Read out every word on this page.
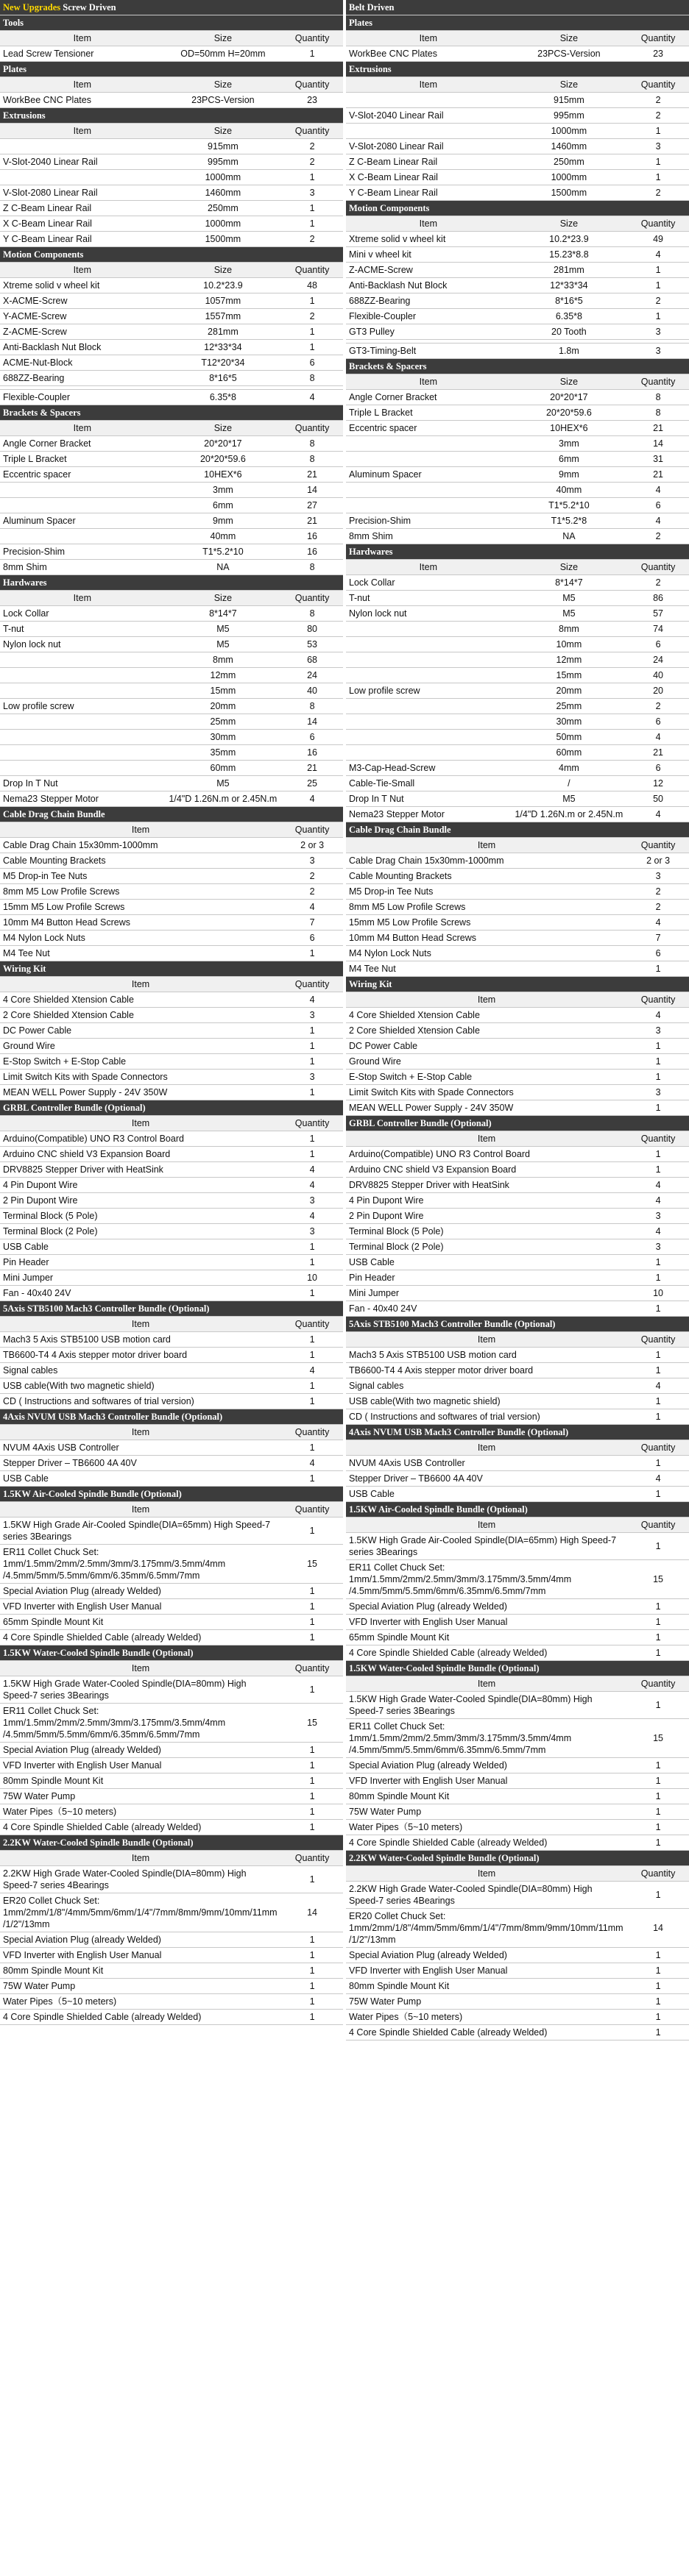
New Upgrades Screw Driven		
Tools		
Item	Size	Quantity
Lead Screw Tensioner	OD=50mm H=20mm	1
Plates		
Item	Size	Quantity
WorkBee CNC Plates	23PCS-Version	23
Extrusions		
Item	Size	Quantity
	915mm	2
V-Slot-2040 Linear Rail	995mm	2
	1000mm	1
V-Slot-2080 Linear Rail	1460mm	3
Z C-Beam Linear Rail	250mm	1
X C-Beam Linear Rail	1000mm	1
Y C-Beam Linear Rail	1500mm	2
Motion Components		
Item	Size	Quantity
Xtreme solid v wheel kit	10.2*23.9	48
X-ACME-Screw	1057mm	1
Y-ACME-Screw	1557mm	2
Z-ACME-Screw	281mm	1
Anti-Backlash Nut Block	12*33*34	1
ACME-Nut-Block	T12*20*34	6
688ZZ-Bearing	8*16*5	8

Flexible-Coupler	6.35*8	4
Brackets & Spacers		
Item	Size	Quantity
Angle Corner Bracket	20*20*17	8
Triple L Bracket	20*20*59.6	8
Eccentric spacer	10HEX*6	21
	3mm	14
	6mm	27
Aluminum Spacer	9mm	21
	40mm	16
Precision-Shim	T1*5.2*10	16
8mm Shim	NA	8
Hardwares		
Item	Size	Quantity
Lock Collar	8*14*7	8
T-nut	M5	80
Nylon lock nut	M5	53
	8mm	68
	12mm	24
	15mm	40
Low profile screw	20mm	8
	25mm	14
	30mm	6
	35mm	16
	60mm	21
Drop In T Nut	M5	25
Nema23 Stepper Motor	1/4"D 1.26N.m or 2.45N.m	4
Cable Drag Chain Bundle	
Item	Quantity
Cable Drag Chain 15x30mm-1000mm	2 or 3
Cable Mounting Brackets	3
M5 Drop-in Tee Nuts	2
8mm M5 Low Profile Screws	2
15mm M5 Low Profile Screws	4
10mm M4 Button Head Screws	7
M4 Nylon Lock Nuts	6
M4 Tee Nut	1
Wiring Kit	
Item	Quantity
4 Core Shielded Xtension Cable	4
2 Core Shielded Xtension Cable	3
DC Power Cable	1
Ground Wire	1
E-Stop Switch + E-Stop Cable	1
Limit Switch Kits with Spade Connectors	3
MEAN WELL Power Supply - 24V 350W	1
GRBL Controller Bundle (Optional)	
Item	Quantity
Arduino(Compatible) UNO R3 Control Board	1
Arduino CNC shield V3 Expansion Board	1
DRV8825 Stepper Driver with HeatSink	4
4 Pin Dupont Wire	4
2 Pin Dupont Wire	3
Terminal Block (5 Pole)	4
Terminal Block (2 Pole)	3
USB Cable	1
Pin Header	1
Mini Jumper	10
Fan - 40x40 24V	1
5Axis STB5100 Mach3 Controller Bundle (Optional)	
Item	Quantity
Mach3 5 Axis STB5100 USB motion card	1
TB6600-T4 4 Axis stepper motor driver board	1
Signal cables	4
USB cable(With two magnetic shield)	1
CD ( Instructions and softwares of trial version)	1
4Axis NVUM USB Mach3 Controller Bundle (Optional)	
Item	Quantity
NVUM 4Axis USB Controller	1
Stepper Driver – TB6600 4A 40V	4
USB Cable	1
1.5KW Air-Cooled Spindle Bundle (Optional)	
Item	Quantity
1.5KW High Grade Air-Cooled Spindle(DIA=65mm) High Speed-7 series 3Bearings	1
ER11 Collet Chuck Set: 1mm/1.5mm/2mm/2.5mm/3mm/3.175mm/3.5mm/4mm /4.5mm/5mm/5.5mm/6mm/6.35mm/6.5mm/7mm	15
Special Aviation Plug (already Welded)	1
VFD Inverter with English User Manual	1
65mm Spindle Mount Kit	1
4 Core Spindle Shielded Cable (already Welded)	1
1.5KW Water-Cooled Spindle Bundle (Optional)	
Item	Quantity
1.5KW High Grade Water-Cooled Spindle(DIA=80mm) High Speed-7 series 3Bearings	1
ER11 Collet Chuck Set: 1mm/1.5mm/2mm/2.5mm/3mm/3.175mm/3.5mm/4mm /4.5mm/5mm/5.5mm/6mm/6.35mm/6.5mm/7mm	15
Special Aviation Plug (already Welded)	1
VFD Inverter with English User Manual	1
80mm Spindle Mount Kit	1
75W Water Pump	1
Water Pipes（5~10 meters)	1
4 Core Spindle Shielded Cable (already Welded)	1
2.2KW Water-Cooled Spindle Bundle (Optional)	
Item	Quantity
2.2KW High Grade Water-Cooled Spindle(DIA=80mm) High Speed-7 series 4Bearings	1
ER20 Collet Chuck Set: 1mm/2mm/1/8"/4mm/5mm/6mm/1/4"/7mm/8mm/9mm/10mm/11mm/1/2"/13mm	14
Special Aviation Plug (already Welded)	1
VFD Inverter with English User Manual	1
80mm Spindle Mount Kit	1
75W Water Pump	1
Water Pipes（5~10 meters)	1
4 Core Spindle Shielded Cable (already Welded)	1
Belt Driven
Plates		
Item	Size	Quantity
WorkBee CNC Plates	23PCS-Version	23
Extrusions		
Item	Size	Quantity
	915mm	2
V-Slot-2040 Linear Rail	995mm	2
	1000mm	1
V-Slot-2080 Linear Rail	1460mm	3
Z C-Beam Linear Rail	250mm	1
X C-Beam Linear Rail	1000mm	1
Y C-Beam Linear Rail	1500mm	2
Motion Components		
Item	Size	Quantity
Xtreme solid v wheel kit	10.2*23.9	49
Mini v wheel kit	15.23*8.8	4
Z-ACME-Screw	281mm	1
Anti-Backlash Nut Block	12*33*34	1
688ZZ-Bearing	8*16*5	2
Flexible-Coupler	6.35*8	1
GT3 Pulley	20 Tooth	3

GT3-Timing-Belt	1.8m	3
Brackets & Spacers		
Item	Size	Quantity
Angle Corner Bracket	20*20*17	8
Triple L Bracket	20*20*59.6	8
Eccentric spacer	10HEX*6	21
	3mm	14
	6mm	31
Aluminum Spacer	9mm	21
	40mm	4
	T1*5.2*10	6
Precision-Shim	T1*5.2*8	4
8mm Shim	NA	2
Hardwares		
Item	Size	Quantity
Lock Collar	8*14*7	2
T-nut	M5	86
Nylon lock nut	M5	57
	8mm	74
	10mm	6
	12mm	24
	15mm	40
Low profile screw	20mm	20
	25mm	2
	30mm	6
	50mm	4
	60mm	21
M3-Cap-Head-Screw	4mm	6
Cable-Tie-Small	/	12
Drop In T Nut	M5	50
Nema23 Stepper Motor	1/4"D 1.26N.m or 2.45N.m	4
Cable Drag Chain Bundle	
Item	Quantity
Cable Drag Chain 15x30mm-1000mm	2 or 3
Cable Mounting Brackets	3
M5 Drop-in Tee Nuts	2
8mm M5 Low Profile Screws	2
15mm M5 Low Profile Screws	4
10mm M4 Button Head Screws	7
M4 Nylon Lock Nuts	6
M4 Tee Nut	1
Wiring Kit	
Item	Quantity
4 Core Shielded Xtension Cable	4
2 Core Shielded Xtension Cable	3
DC Power Cable	1
Ground Wire	1
E-Stop Switch + E-Stop Cable	1
Limit Switch Kits with Spade Connectors	3
MEAN WELL Power Supply - 24V 350W	1
GRBL Controller Bundle (Optional)	
Item	Quantity
Arduino(Compatible) UNO R3 Control Board	1
Arduino CNC shield V3 Expansion Board	1
DRV8825 Stepper Driver with HeatSink	4
4 Pin Dupont Wire	4
2 Pin Dupont Wire	3
Terminal Block (5 Pole)	4
Terminal Block (2 Pole)	3
USB Cable	1
Pin Header	1
Mini Jumper	10
Fan - 40x40 24V	1
5Axis STB5100 Mach3 Controller Bundle (Optional)	
Item	Quantity
Mach3 5 Axis STB5100 USB motion card	1
TB6600-T4 4 Axis stepper motor driver board	1
Signal cables	4
USB cable(With two magnetic shield)	1
CD ( Instructions and softwares of trial version)	1
4Axis NVUM USB Mach3 Controller Bundle (Optional)	
Item	Quantity
NVUM 4Axis USB Controller	1
Stepper Driver – TB6600 4A 40V	4
USB Cable	1
1.5KW Air-Cooled Spindle Bundle (Optional)	
Item	Quantity
1.5KW High Grade Air-Cooled Spindle(DIA=65mm) High Speed-7 series 3Bearings	1
ER11 Collet Chuck Set: 1mm/1.5mm/2mm/2.5mm/3mm/3.175mm/3.5mm/4mm /4.5mm/5mm/5.5mm/6mm/6.35mm/6.5mm/7mm	15
Special Aviation Plug (already Welded)	1
VFD Inverter with English User Manual	1
65mm Spindle Mount Kit	1
4 Core Spindle Shielded Cable (already Welded)	1
1.5KW Water-Cooled Spindle Bundle (Optional)	
Item	Quantity
1.5KW High Grade Water-Cooled Spindle(DIA=80mm) High Speed-7 series 3Bearings	1
ER11 Collet Chuck Set: 1mm/1.5mm/2mm/2.5mm/3mm/3.175mm/3.5mm/4mm /4.5mm/5mm/5.5mm/6mm/6.35mm/6.5mm/7mm	15
Special Aviation Plug (already Welded)	1
VFD Inverter with English User Manual	1
80mm Spindle Mount Kit	1
75W Water Pump	1
Water Pipes（5~10 meters)	1
4 Core Spindle Shielded Cable (already Welded)	1
2.2KW Water-Cooled Spindle Bundle (Optional)	
Item	Quantity
2.2KW High Grade Water-Cooled Spindle(DIA=80mm) High Speed-7 series 4Bearings	1
ER20 Collet Chuck Set: 1mm/2mm/1/8"/4mm/5mm/6mm/1/4"/7mm/8mm/9mm/10mm/11mm/1/2"/13mm	14
Special Aviation Plug (already Welded)	1
VFD Inverter with English User Manual	1
80mm Spindle Mount Kit	1
75W Water Pump	1
Water Pipes（5~10 meters)	1
4 Core Spindle Shielded Cable (already Welded)	1
